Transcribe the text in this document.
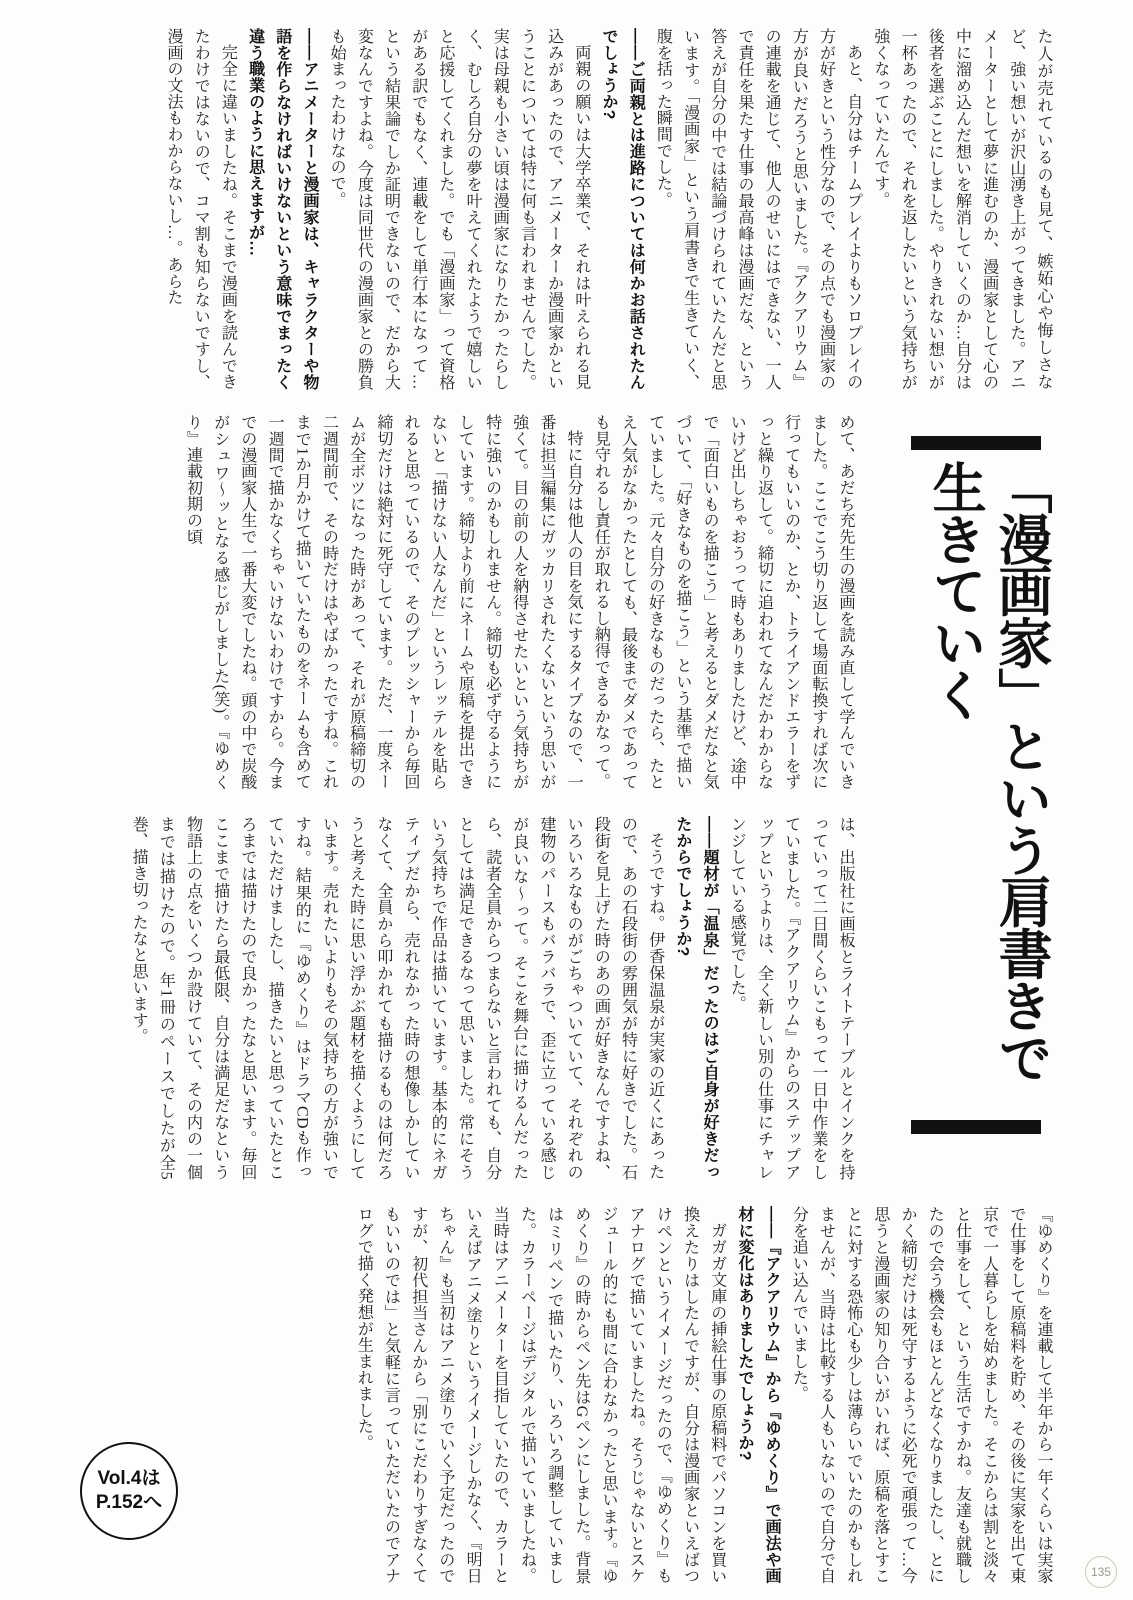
た人が売れているのも見て、嫉妬心や悔しさなど、強い想いが沢山湧き上がってきました。アニメーターとして夢に進むのか、漫画家として心の中に溜め込んだ想いを解消していくのか…自分は後者を選ぶことにしました。やりきれない想いが一杯あったので、それを返したいという気持ちが強くなっていたんです。

あと、自分はチームプレイよりもソロプレイの方が好きという性分なので、その点でも漫画家の方が良いだろうと思いました。『アクアリウム』の連載を通じて、他人のせいにはできない、一人で責任を果たす仕事の最高峰は漫画だな、という答えが自分の中では結論づけられていたんだと思います。「漫画家」という肩書きで生きていく、腹を括った瞬間でした。

――ご両親とは進路については何かお話されたんでしょうか?

両親の願いは大学卒業で、それは叶えられる見込みがあったので、アニメーターか漫画家かということについては特に何も言われませんでした。実は母親も小さい頃は漫画家になりたかったらしく、むしろ自分の夢を叶えてくれたようで嬉しいと応援してくれました。でも「漫画家」って資格がある訳でもなく、連載をして単行本になって…という結果論でしか証明できないので、だから大変なんですよね。今度は同世代の漫画家との勝負も始まったわけなので。

――アニメーターと漫画家は、キャラクターや物語を作らなければいけないという意味でまったく違う職業のように思えますが…

完全に違いましたね。そこまで漫画を読んできたわけではないので、コマ割も知らないですし、漫画の文法もわからないし…。あらた

めて、あだち充先生の漫画を読み直して学んでいきました。ここでこう切り返して場面転換すれば次に行ってもいいのか、とか、トライアンドエラーをずっと繰り返して。締切に追われてなんだかわからないけど出しちゃおうって時もありましたけど、途中で「面白いものを描こう」と考えるとダメだなと気づいて、「好きなものを描こう」という基準で描いていました。元々自分の好きなものだったら、たとえ人気がなかったとしても、最後までダメであっても見守れるし責任が取れるし納得できるかなって。

特に自分は他人の目を気にするタイプなので、一番は担当編集にガッカリされたくないという思いが強くて。目の前の人を納得させたいという気持ちが特に強いのかもしれません。締切も必ず守るようにしています。締切より前にネームや原稿を提出できないと「描けない人なんだ」というレッテルを貼られると思っているので、そのプレッシャーから毎回締切だけは絶対に死守しています。ただ、一度ネームが全ボツになった時があって、それが原稿締切の二週間前で、その時だけはやばかったですね。これまで1か月かけて描いていたものをネームも含めて一週間で描かなくちゃいけないわけですから。今までの漫画家人生で一番大変でしたね。頭の中で炭酸がシュワ〜ッとなる感じがしました(笑)。『ゆめくり』連載初期の頃

は、出版社に画板とライトテーブルとインクを持っていって二日間くらいこもって一日中作業をしていました。『アクアリウム』からのステップアップというよりは、全く新しい別の仕事にチャレンジしている感覚でした。

――題材が「温泉」だったのはご自身が好きだったからでしょうか?

そうですね。伊香保温泉が実家の近くにあったので、あの石段街の雰囲気が特に好きでした。石段街を見上げた時のあの画が好きなんですよね、いろいろなものがごちゃついていて、それぞれの建物のパースもバラバラで、歪に立っている感じが良いな〜って。そこを舞台に描けるんだったら、読者全員からつまらないと言われても、自分としては満足できるなって思いました。常にそういう気持ちで作品は描いています。基本的にネガティブだから、売れなかった時の想像しかしていなくて、全員から叩かれても描けるものは何だろうと考えた時に思い浮かぶ題材を描くようにしています。売れたいよりもその気持ちの方が強いですね。結果的に『ゆめくり』はドラマCDも作っていただけましたし、描きたいと思っていたところまでは描けたので良かったなと思います。毎回ここまで描けたら最低限、自分は満足だなという物語上の点をいくつか設けていて、その内の一個までは描けたので。年1冊のペースでしたが全5巻、描き切ったなと思います。	「漫画家」という肩書きで
生きていく

『ゆめくり』を連載して半年から一年くらいは実家で仕事をして原稿料を貯め、その後に実家を出て東京で一人暮らしを始めました。そこからは割と淡々と仕事をして、という生活ですかね。友達も就職したので会う機会もほとんどなくなりましたし、とにかく締切だけは死守するように必死で頑張って…今思うと漫画家の知り合いがいれば、原稿を落とすことに対する恐怖心も少しは薄らいでいたのかもしれませんが、当時は比較する人もいないので自分で自分を追い込んでいました。

――『アクアリウム』から『ゆめくり』で画法や画材に変化はありましたでしょうか?

ガガガ文庫の挿絵仕事の原稿料でパソコンを買い換えたりはしたんですが、自分は漫画家といえばつけペンというイメージだったので、『ゆめくり』もアナログで描いていましたね。そうじゃないとスケジュール的にも間に合わなかったと思います。『ゆめくり』の時からペン先はGペンにしました。背景はミリペンで描いたり、いろいろ調整していました。カラーページはデジタルで描いていましたね。当時はアニメーターを目指していたので、カラーといえばアニメ塗りというイメージしかなく、『明日ちゃん』も当初はアニメ塗りでいく予定だったのですが、初代担当さんから「別にこだわりすぎなくてもいいのでは」と気軽に言っていただいたのでアナログで描く発想が生まれました。

Vol.4は
P.152へ
135
